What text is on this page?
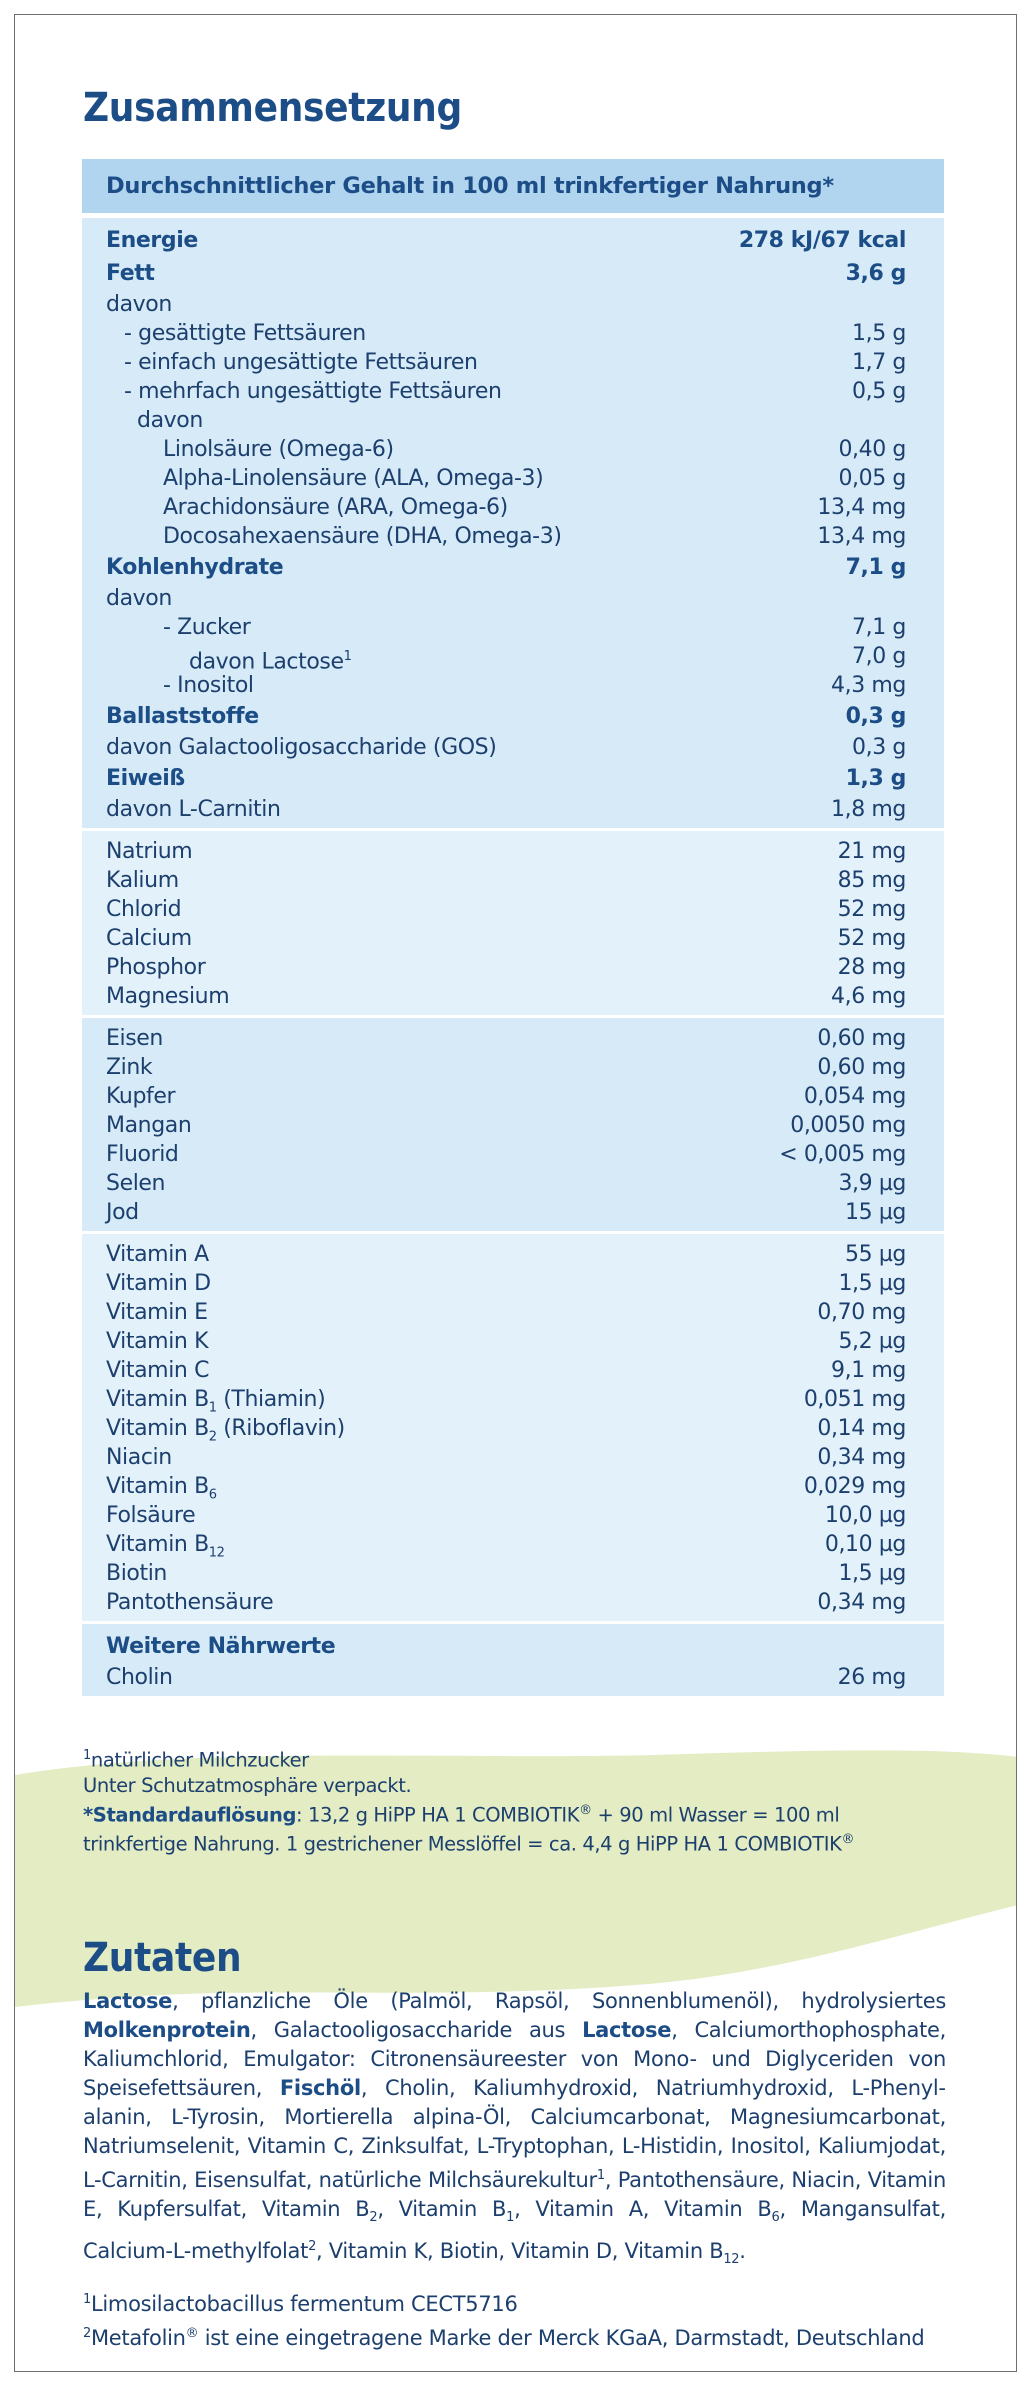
Zusammensetzung
Durchschnittlicher Gehalt in 100 ml trinkfertiger Nahrung*
Energie	278 kJ/67 kcal
Fett	3,6 g
davon
- gesättigte Fettsäuren	1,5 g
- einfach ungesättigte Fettsäuren	1,7 g
- mehrfach ungesättigte Fettsäuren	0,5 g
davon
Linolsäure (Omega-6)	0,40 g
Alpha-Linolensäure (ALA, Omega-3)	0,05 g
Arachidonsäure (ARA, Omega-6)	13,4 mg
Docosahexaensäure (DHA, Omega-3)	13,4 mg
Kohlenhydrate	7,1 g
davon
- Zucker	7,1 g
davon Lactose$^1$	7,0 g
- Inositol	4,3 mg
Ballaststoffe	0,3 g
davon Galactooligosaccharide (GOS)	0,3 g
Eiweiß	1,3 g
davon L-Carnitin	1,8 mg
Natrium	21 mg
Kalium	85 mg
Chlorid	52 mg
Calcium	52 mg
Phosphor	28 mg
Magnesium	4,6 mg
Eisen	0,60 mg
Zink	0,60 mg
Kupfer	0,054 mg
Mangan	0,0050 mg
Fluorid	< 0,005 mg
Selen	3,9 µg
Jod	15 µg
Vitamin A	55 µg
Vitamin D	1,5 µg
Vitamin E	0,70 mg
Vitamin K	5,2 µg
Vitamin C	9,1 mg
Vitamin $B_1$ (Thiamin)	0,051 mg
Vitamin $B_2$ (Riboflavin)	0,14 mg
Niacin	0,34 mg
Vitamin $B_6$	0,029 mg
Folsäure	10,0 µg
Vitamin $B_{12}$	0,10 µg
Biotin	1,5 µg
Pantothensäure	0,34 mg
Weitere Nährwerte
Cholin	26 mg
$^1$natürlicher Milchzucker
Unter Schutzatmosphäre verpackt.
*Standardauflösung: 13,2 g HiPP HA 1 COMBIOTIK® + 90 ml Wasser = 100 ml
trinkfertige Nahrung. 1 gestrichener Messlöffel = ca. 4,4 g HiPP HA 1 COMBIOTIK®
Zutaten
Lactose, pflanzliche Öle (Palmöl, Rapsöl, Sonnenblumenöl), hydrolysiertes Molkenprotein, Galactooligosaccharide aus Lactose, Calciumorthophosphate, Kaliumchlorid, Emulgator: Citronensäureester von Mono- und Diglyceriden von Speisefettsäuren, Fischöl, Cholin, Kaliumhydroxid, Natriumhydroxid, L-Phenylalanin, L-Tyrosin, Mortierella alpina-Öl, Calciumcarbonat, Magnesiumcarbonat, Natriumselenit, Vitamin C, Zinksulfat, L-Tryptophan, L-Histidin, Inositol, Kaliumjodat, L-Carnitin, Eisensulfat, natürliche Milchsäurekultur$^1$, Pantothensäure, Niacin, Vitamin E, Kupfersulfat, Vitamin $B_2$, Vitamin $B_1$, Vitamin A, Vitamin $B_6$, Mangansulfat, Calcium-L-methylfolat$^2$, Vitamin K, Biotin, Vitamin D, Vitamin $B_{12}$.
$^1$Limosilactobacillus fermentum CECT5716
$^2$Metafolin® ist eine eingetragene Marke der Merck KGaA, Darmstadt, Deutschland
